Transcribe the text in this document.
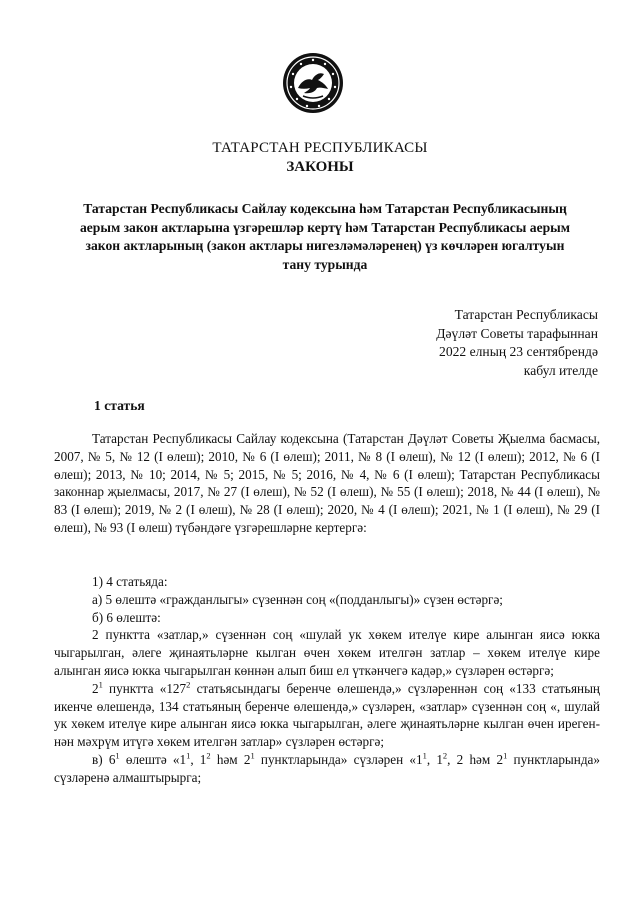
ТАТАРСТАН РЕСПУБЛИКАСЫ
ЗАКОНЫ
Татарстан Республикасы Сайлау кодексына һәм Татарстан Республикасының
аерым закон актларына үзгәрешләр кертү һәм Татарстан Республикасы аерым
закон актларының (закон актлары нигезләмәләренең) үз көчләрен югалтуын
тану турында
Татарстан Республикасы
Дәүләт Советы тарафыннан
2022 елның 23 сентябрендә
кабул ителде
1 статья
Татарстан Республикасы Сайлау кодексына (Татарстан Дәүләт Советы Җыелма басмасы, 2007, № 5, № 12 (I өлеш); 2010, № 6 (I өлеш); 2011, № 8 (I өлеш), № 12 (I өлеш); 2012, № 6 (I өлеш); 2013, № 10; 2014, № 5; 2015, № 5; 2016, № 4, № 6 (I өлеш); Татарстан Республикасы законнар җыелмасы, 2017, № 27 (I өлеш), № 52 (I өлеш), № 55 (I өлеш); 2018, № 44 (I өлеш), № 83 (I өлеш); 2019, № 2 (I өлеш), № 28 (I өлеш); 2020, № 4 (I өлеш); 2021, № 1 (I өлеш), № 29 (I өлеш), № 93 (I өлеш) түбәндәге үзгәрешләрне кертергә:
1) 4 статьяда:
а) 5 өлештә «гражданлыгы» сүзеннән соң «(подданлыгы)» сүзен өстәргә;
б) 6 өлештә:
2 пунктта «затлар,» сүзеннән соң «шулай ук хөкем ителүе кире алынган яисә юкка чыгарылган, әлеге җинаятьләрне кылган өчен хөкем ителгән затлар – хөкем ителүе кире алынган яисә юкка чыгарылган көннән алып биш ел үткәнчегә кадәр,» сүзләрен өстәргә;
$2^1$ пунктта «$127^2$ статьясындагы беренче өлешендә,» сүзләреннән соң «133 статьяның икенче өлешендә, 134 статьяның беренче өлешендә,» сүзләрен, «затлар» сүзеннән соң «, шулай ук хөкем ителүе кире алынган яисә юкка чыгарылган, әлеге җинаятьләрне кылган өчен ирегеннән мәхрүм итүгә хөкем ителгән затлар» сүзләрен өстәргә;
в) $6^1$ өлештә «$1^1$, $1^2$ һәм $2^1$ пунктларында» сүзләрен «$1^1$, $1^2$, 2 һәм $2^1$ пунктларында» сүзләренә алмаштырырга;
